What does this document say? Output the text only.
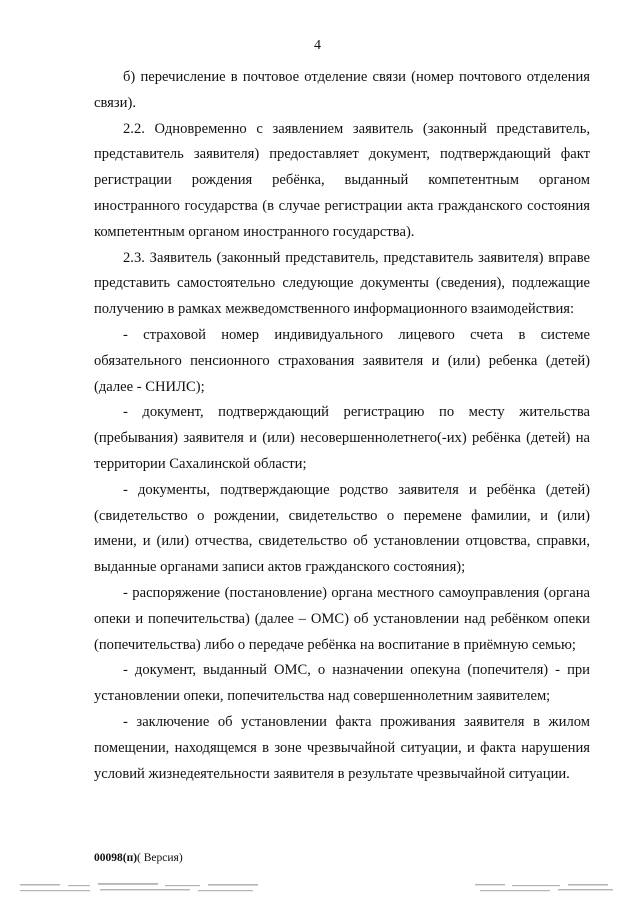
4

б) перечисление в почтовое отделение связи (номер почтового отделения связи).

2.2. Одновременно с заявлением заявитель (законный представитель, представитель заявителя) предоставляет документ, подтверждающий факт регистрации рождения ребёнка, выданный компетентным органом иностранного государства (в случае регистрации акта гражданского состояния компетентным органом иностранного государства).

2.3. Заявитель (законный представитель, представитель заявителя) вправе представить самостоятельно следующие документы (сведения), подлежащие получению в рамках межведомственного информационного взаимодействия:

- страховой номер индивидуального лицевого счета в системе обязательного пенсионного страхования заявителя и (или) ребенка (детей) (далее - СНИЛС);

- документ, подтверждающий регистрацию по месту жительства (пребывания) заявителя и (или) несовершеннолетнего(-их) ребёнка (детей) на территории Сахалинской области;

- документы, подтверждающие родство заявителя и ребёнка (детей) (свидетельство о рождении, свидетельство о перемене фамилии, и (или) имени, и (или) отчества, свидетельство об установлении отцовства, справки, выданные органами записи актов гражданского состояния);

- распоряжение (постановление) органа местного самоуправления (органа опеки и попечительства) (далее – ОМС) об установлении над ребёнком опеки (попечительства) либо о передаче ребёнка на воспитание в приёмную семью;

- документ, выданный ОМС, о назначении опекуна (попечителя) - при установлении опеки, попечительства над совершеннолетним заявителем;

- заключение об установлении факта проживания заявителя в жилом помещении, находящемся в зоне чрезвычайной ситуации, и факта нарушения условий жизнедеятельности заявителя в результате чрезвычайной ситуации.

00098(п)( Версия)
